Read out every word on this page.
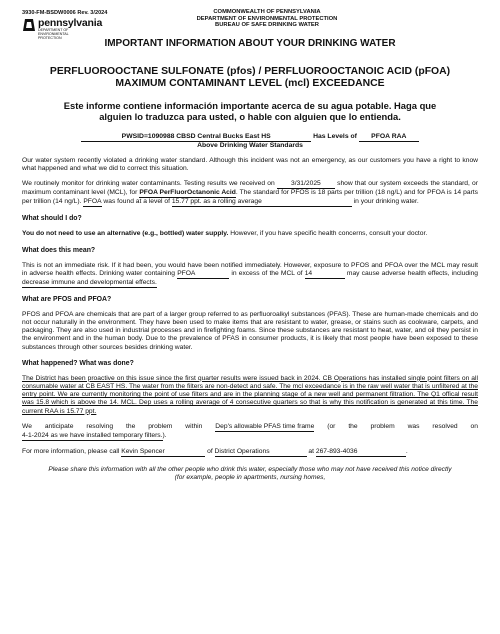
3930-FM-BSDW0006 Rev. 3/2024
pennsylvania
DEPARTMENT OF ENVIRONMENTAL PROTECTION
COMMONWEALTH OF PENNSYLVANIA
DEPARTMENT OF ENVIRONMENTAL PROTECTION
BUREAU OF SAFE DRINKING WATER
IMPORTANT INFORMATION ABOUT YOUR DRINKING WATER
PERFLUOROOCTANE SULFONATE (pfos) / PERFLUOROOCTANOIC ACID (pFOA)
MAXIMUM CONTAMINANT LEVEL (mcl) EXCEEDANCE
Este informe contiene información importante acerca de su agua potable. Haga que
alguien lo traduzca para usted, o hable con alguien que lo entienda.
PWSID=1090988 CBSD Central Bucks East HS	Has Levels of PFOA RAA
Above Drinking Water Standards

Our water system recently violated a drinking water standard. Although this incident was not an emergency, as our customers you have a right to know what happened and what we did to correct this situation.

We routinely monitor for drinking water contaminants. Testing results we received on 3/31/2025 show that our system exceeds the standard, or maximum contaminant level (MCL), for PFOA PerFluorOctanonic Acid. The standard for PFOS is 18 parts per trillion (18 ng/L) and for PFOA is 14 parts per trillion (14 ng/L). PFOA was found at a level of 15.77 ppt. as a rolling average	in your drinking water.

What should I do?

You do not need to use an alternative (e.g., bottled) water supply. However, if you have specific health concerns, consult your doctor.

What does this mean?

This is not an immediate risk. If it had been, you would have been notified immediately. However, exposure to PFOS and PFOA over the MCL may result in adverse health effects. Drinking water containing PFOA	in excess of the MCL of 14	may cause adverse health effects, including decrease immune and developmental effects.

What are PFOS and PFOA?

PFOS and PFOA are chemicals that are part of a larger group referred to as perfluoroalkyl substances (PFAS). These are human-made chemicals and do not occur naturally in the environment. They have been used to make items that are resistant to water, grease, or stains such as cookware, carpets, and packaging. They are also used in industrial processes and in firefighting foams. Since these substances are resistant to heat, water, and oil they persist in the environment and in the human body. Due to the prevalence of PFAS in consumer products, it is likely that most people have been exposed to these substances through other sources besides drinking water.

What happened? What was done?

The District has been proactive on this issue since the first quarter results were issued back in 2024. CB Operations has installed single point filters on all consumable water at CB EAST HS. The water from the filters are non-detect and safe. The mcl exceedance is in the raw well water that is unfiltered at the entry point. We are currently monitoring the point of use filters and are in the planning stage of a new well and permanent filtration. The Q1 offical result was 15.8 which is above the 14. MCL. Dep uses a rolling average of 4 consecutive quarters so that is why this notification is generated at this time. The current RAA is 15.77 ppt.

We anticipate resolving the problem within Dep's allowable PFAS time frame (or the problem was resolved on 4-1-2024 as we have installed temporary filters.).

For more information, please call Kevin Spencer	of District Operations	at 267-893-4036	.

Please share this information with all the other people who drink this water, especially those who may not have received this notice directly (for example, people in apartments, nursing homes,
